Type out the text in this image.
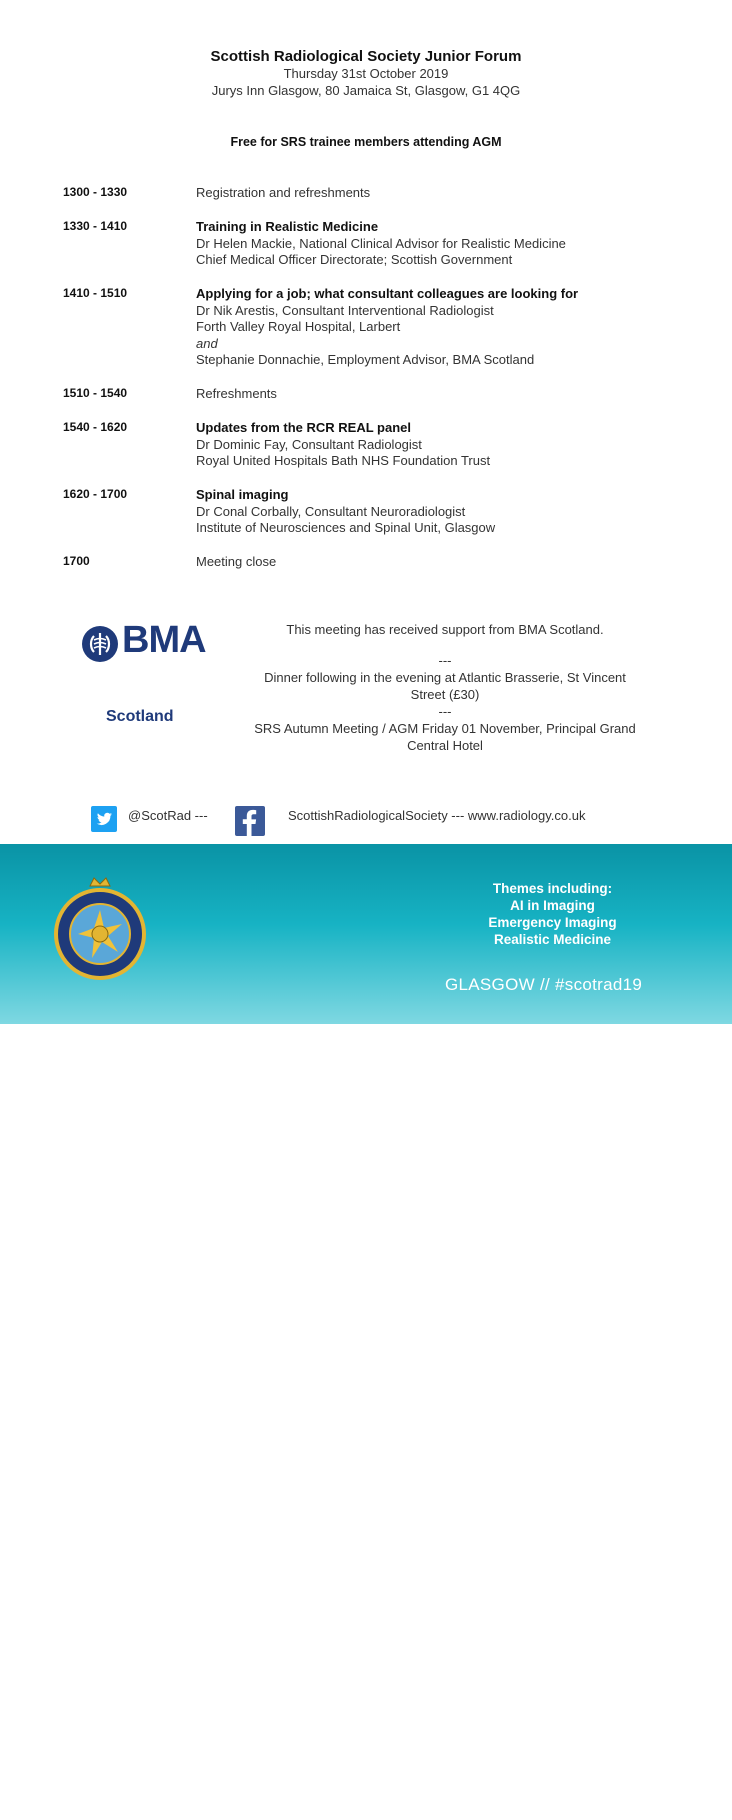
Scottish Radiological Society Junior Forum
Thursday 31st October 2019
Jurys Inn Glasgow, 80 Jamaica St, Glasgow, G1 4QG
Free for SRS trainee members attending AGM
1300 - 1330	Registration and refreshments
1330 - 1410	Training in Realistic Medicine
Dr Helen Mackie, National Clinical Advisor for Realistic Medicine
Chief Medical Officer Directorate; Scottish Government
1410 - 1510	Applying for a job; what consultant colleagues are looking for
Dr Nik Arestis, Consultant Interventional Radiologist
Forth Valley Royal Hospital, Larbert
and
Stephanie Donnachie, Employment Advisor, BMA Scotland
1510 - 1540	Refreshments
1540 - 1620	Updates from the RCR REAL panel
Dr Dominic Fay, Consultant Radiologist
Royal United Hospitals Bath NHS Foundation Trust
1620 - 1700	Spinal imaging
Dr Conal Corbally, Consultant Neuroradiologist
Institute of Neurosciences and Spinal Unit, Glasgow
1700	Meeting close
BMA
Scotland
This meeting has received support from BMA Scotland.
---
Dinner following in the evening at Atlantic Brasserie, St Vincent Street (£30)
---
SRS Autumn Meeting / AGM Friday 01 November, Principal Grand Central Hotel
@ScotRad ---	ScottishRadiologicalSociety --- www.radiology.co.uk
SCOTTISH
RADIOLOGICAL
SOCIETY
Themes including:
AI in Imaging
Emergency Imaging
Realistic Medicine
GLASGOW // #scotrad19
